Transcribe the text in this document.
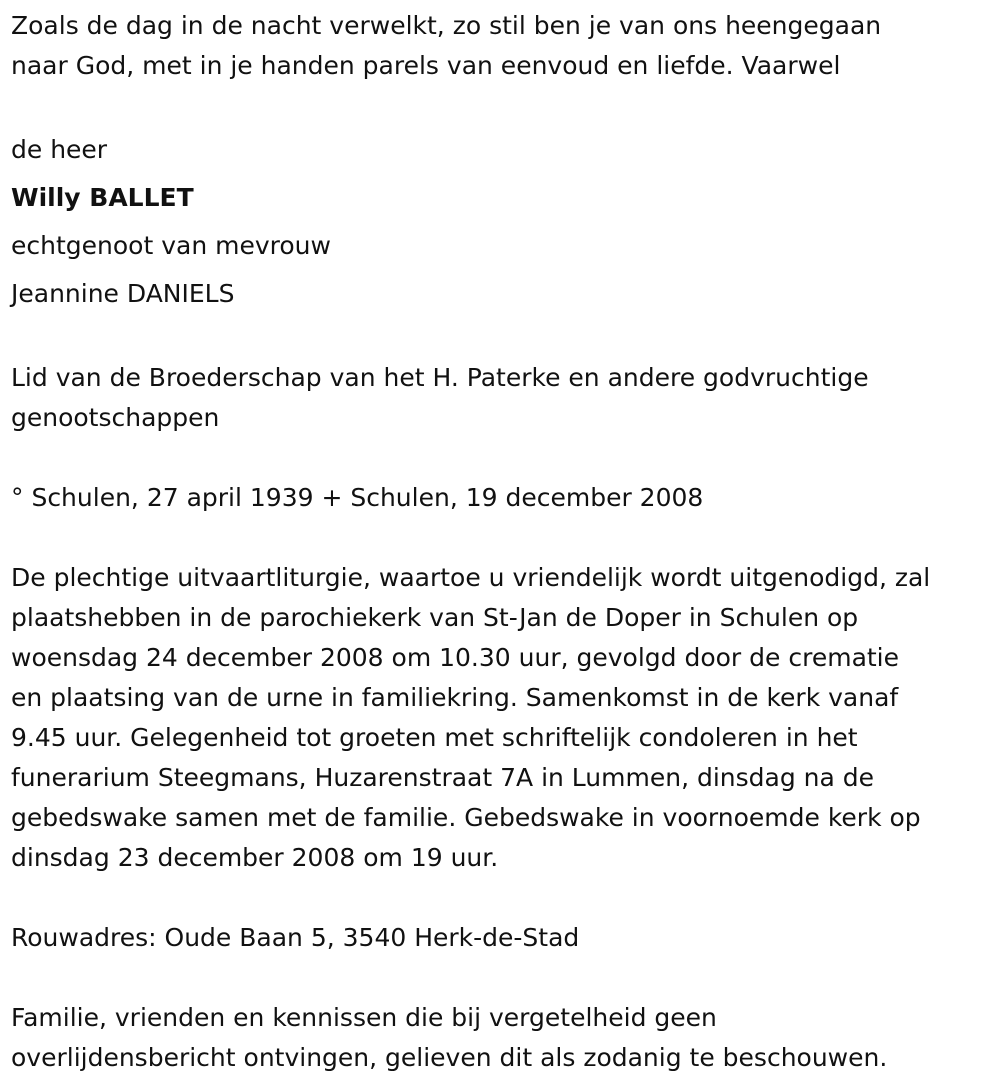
Zoals de dag in de nacht verwelkt, zo stil ben je van ons heengegaan
naar God, met in je handen parels van eenvoud en liefde. Vaarwel

de heer

Willy BALLET

echtgenoot van mevrouw

Jeannine DANIELS

Lid van de Broederschap van het H. Paterke en andere godvruchtige
genootschappen

° Schulen, 27 april 1939 + Schulen, 19 december 2008

De plechtige uitvaartliturgie, waartoe u vriendelijk wordt uitgenodigd, zal
plaatshebben in de parochiekerk van St-Jan de Doper in Schulen op
woensdag 24 december 2008 om 10.30 uur, gevolgd door de crematie
en plaatsing van de urne in familiekring. Samenkomst in de kerk vanaf
9.45 uur. Gelegenheid tot groeten met schriftelijk condoleren in het
funerarium Steegmans, Huzarenstraat 7A in Lummen, dinsdag na de
gebedswake samen met de familie. Gebedswake in voornoemde kerk op
dinsdag 23 december 2008 om 19 uur.

Rouwadres: Oude Baan 5, 3540 Herk-de-Stad

Familie, vrienden en kennissen die bij vergetelheid geen
overlijdensbericht ontvingen, gelieven dit als zodanig te beschouwen.
